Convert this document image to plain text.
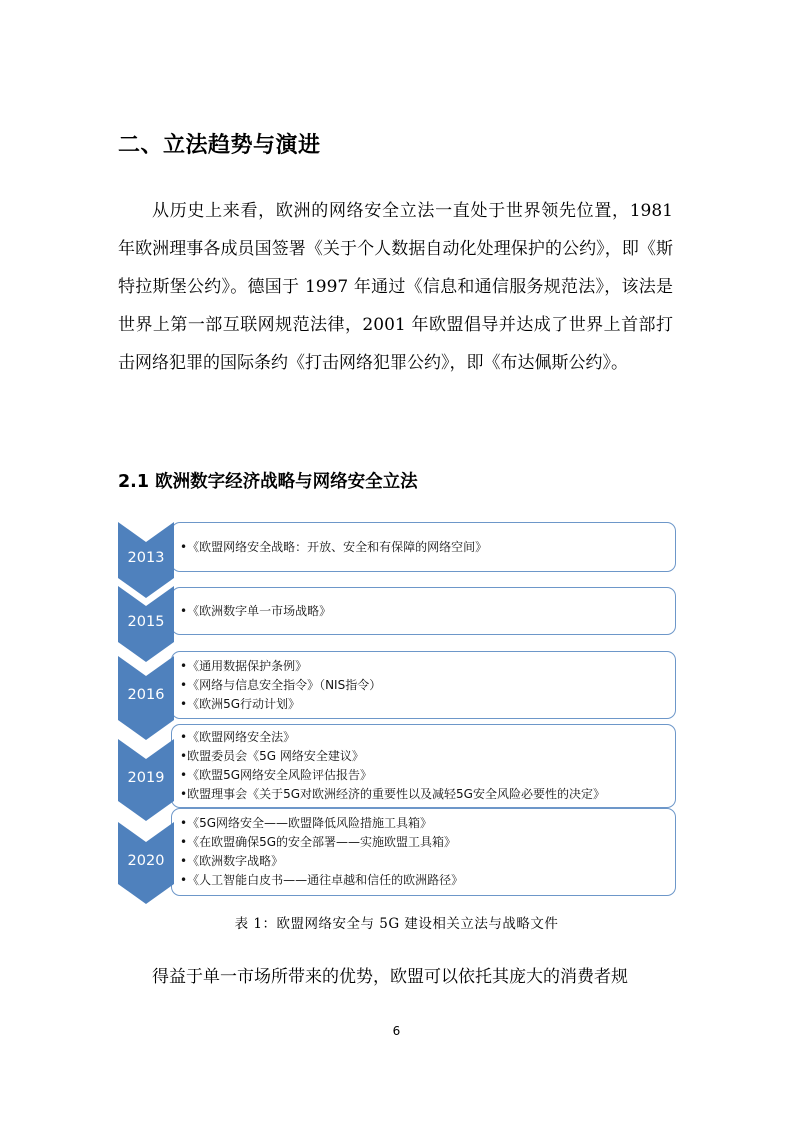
二、立法趋势与演进

从历史上来看，欧洲的网络安全立法一直处于世界领先位置，1981 年欧洲理事各成员国签署《关于个人数据自动化处理保护的公约》，即《斯特拉斯堡公约》。德国于 1997 年通过《信息和通信服务规范法》，该法是世界上第一部互联网规范法律，2001 年欧盟倡导并达成了世界上首部打击网络犯罪的国际条约《打击网络犯罪公约》，即《布达佩斯公约》。

2.1 欧洲数字经济战略与网络安全立法
•《欧盟网络安全战略：开放、安全和有保障的网络空间》
2013
•《欧洲数字单一市场战略》
2015
•《通用数据保护条例》
•《网络与信息安全指令》（NIS指令）
•《欧洲5G行动计划》
2016
•《欧盟网络安全法》
•欧盟委员会《5G 网络安全建议》
•《欧盟5G网络安全风险评估报告》
•欧盟理事会《关于5G对欧洲经济的重要性以及减轻5G安全风险必要性的决定》
2019
•《5G网络安全——欧盟降低风险措施工具箱》
•《在欧盟确保5G的安全部署——实施欧盟工具箱》
•《欧洲数字战略》
•《人工智能白皮书——通往卓越和信任的欧洲路径》
2020

表 1：欧盟网络安全与 5G 建设相关立法与战略文件

得益于单一市场所带来的优势，欧盟可以依托其庞大的消费者规

6
